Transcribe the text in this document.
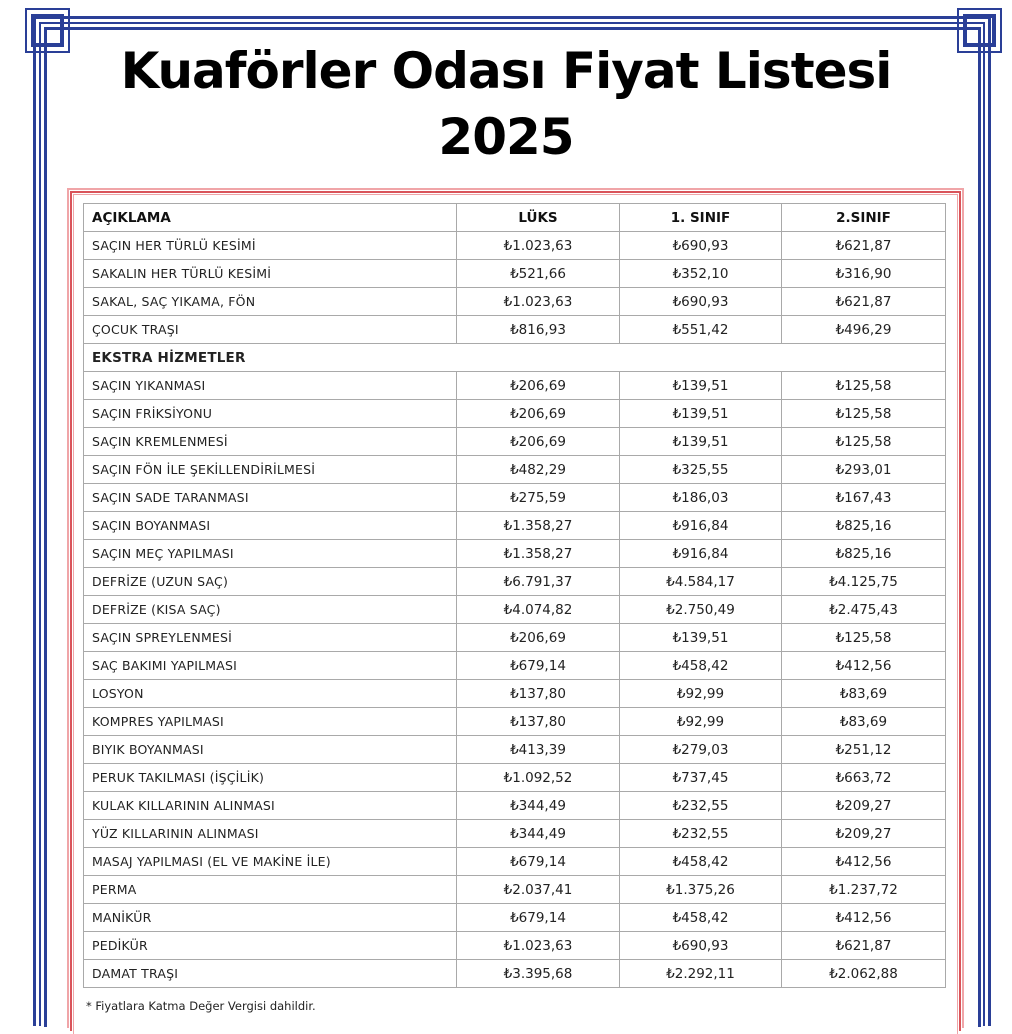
Kuaförler Odası Fiyat Listesi
2025
AÇIKLAMA	LÜKS	1. SINIF	2.SINIF
SAÇIN HER TÜRLÜ KESİMİ	₺1.023,63	₺690,93	₺621,87
SAKALIN HER TÜRLÜ KESİMİ	₺521,66	₺352,10	₺316,90
SAKAL, SAÇ YIKAMA, FÖN	₺1.023,63	₺690,93	₺621,87
ÇOCUK TRAŞI	₺816,93	₺551,42	₺496,29
EKSTRA HİZMETLER			
SAÇIN YIKANMASI	₺206,69	₺139,51	₺125,58
SAÇIN FRİKSİYONU	₺206,69	₺139,51	₺125,58
SAÇIN KREMLENMESİ	₺206,69	₺139,51	₺125,58
SAÇIN FÖN İLE ŞEKİLLENDİRİLMESİ	₺482,29	₺325,55	₺293,01
SAÇIN SADE TARANMASI	₺275,59	₺186,03	₺167,43
SAÇIN BOYANMASI	₺1.358,27	₺916,84	₺825,16
SAÇIN MEÇ YAPILMASI	₺1.358,27	₺916,84	₺825,16
DEFRİZE (UZUN SAÇ)	₺6.791,37	₺4.584,17	₺4.125,75
DEFRİZE (KISA SAÇ)	₺4.074,82	₺2.750,49	₺2.475,43
SAÇIN SPREYLENMESİ	₺206,69	₺139,51	₺125,58
SAÇ BAKIMI YAPILMASI	₺679,14	₺458,42	₺412,56
LOSYON	₺137,80	₺92,99	₺83,69
KOMPRES YAPILMASI	₺137,80	₺92,99	₺83,69
BIYIK BOYANMASI	₺413,39	₺279,03	₺251,12
PERUK TAKILMASI (İŞÇİLİK)	₺1.092,52	₺737,45	₺663,72
KULAK KILLARININ ALINMASI	₺344,49	₺232,55	₺209,27
YÜZ KILLARININ ALINMASI	₺344,49	₺232,55	₺209,27
MASAJ YAPILMASI (EL VE MAKİNE İLE)	₺679,14	₺458,42	₺412,56
PERMA	₺2.037,41	₺1.375,26	₺1.237,72
MANİKÜR	₺679,14	₺458,42	₺412,56
PEDİKÜR	₺1.023,63	₺690,93	₺621,87
DAMAT TRAŞI	₺3.395,68	₺2.292,11	₺2.062,88
* Fiyatlara Katma Değer Vergisi dahildir.
